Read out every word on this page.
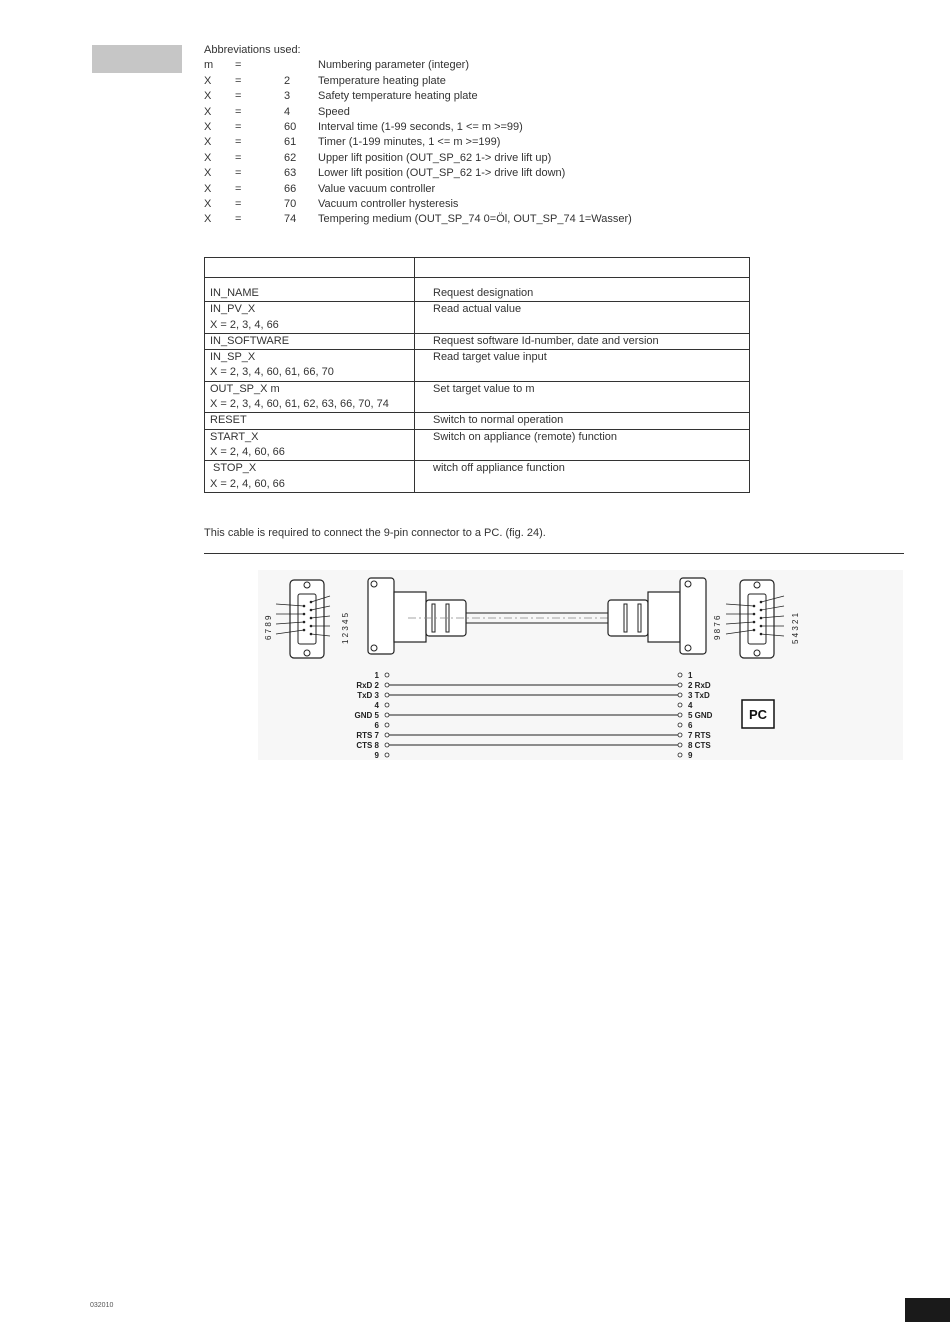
Abbreviations used:
m =	Numbering parameter (integer)
X =	2	Temperature heating plate
X =	3	Safety temperature heating plate
X =	4	Speed
X =	60 Interval time (1-99 seconds, 1 <= m >=99)
X =	61 Timer (1-199 minutes, 1 <= m >=199)
X =	62 Upper lift position (OUT_SP_62 1-> drive lift up)
X =	63 Lower lift position (OUT_SP_62 1-> drive lift down)
X =	66 Value vacuum controller
X =	70 Vacuum controller hysteresis
X =	74 Tempering medium (OUT_SP_74 0=Öl, OUT_SP_74 1=Wasser)

IN_NAME	Request designation

IN_PV_X
X = 2, 3, 4, 66	Read actual value

IN_SOFTWARE	Request software Id-number, date and version

IN_SP_X
X = 2, 3, 4, 60, 61, 66, 70	Read target value input

OUT_SP_X m
X = 2, 3, 4, 60, 61, 62, 63, 66, 70, 74	Set target value to m

RESET	Switch to normal operation

START_X
X = 2, 4, 60, 66	Switch on appliance (remote) function

STOP_X
X = 2, 4, 60, 66	witch off appliance function
This cable is required to connect the 9-pin connector to a PC. (fig. 24).
6 7 8 9	1 2 3 4 5	9 8 7 6	5 4 3 2 1
1	1
RxD 2	2 RxD
TxD 3	3 TxD
4	4
GND 5	5 GND
6	6
RTS 7	7 RTS
CTS 8	8 CTS
9	9
PC
032010
